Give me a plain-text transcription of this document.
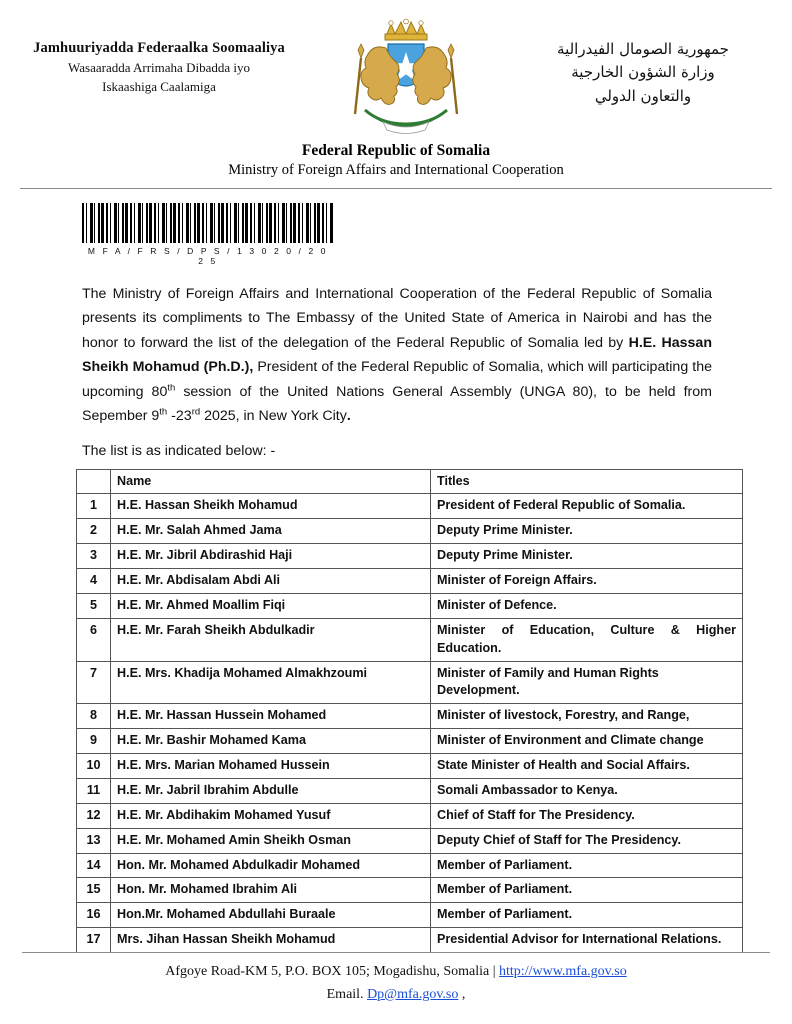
Jamhuuriyadda Federaalka Soomaaliya
Wasaaradda Arrimaha Dibadda iyo
Iskaashiga Caalamiga
جمهورية الصومال الفيدرالية
وزارة الشؤون الخارجية
والتعاون الدولي
Federal Republic of Somalia
Ministry of Foreign Affairs and International Cooperation
M F A / F R S / D P S / 1 3 0 2 0 / 2 0 2 5
The Ministry of Foreign Affairs and International Cooperation of the Federal Republic of Somalia presents its compliments to The Embassy of the United State of America in Nairobi and has the honor to forward the list of the delegation of the Federal Republic of Somalia led by H.E. Hassan Sheikh Mohamud (Ph.D.), President of the Federal Republic of Somalia, which will participating the upcoming 80th session of the United Nations General Assembly (UNGA 80), to be held from Sepember 9th -23rd 2025, in New York City.
The list is as indicated below: -
	Name	Titles
1	H.E. Hassan Sheikh Mohamud	President of Federal Republic of Somalia.
2	H.E. Mr. Salah Ahmed Jama	Deputy Prime Minister.
3	H.E. Mr. Jibril Abdirashid Haji	Deputy Prime Minister.
4	H.E. Mr. Abdisalam Abdi Ali	Minister of Foreign Affairs.
5	H.E. Mr. Ahmed Moallim Fiqi	Minister of Defence.
6	H.E. Mr. Farah Sheikh Abdulkadir	Minister of Education, Culture & Higher Education.
7	H.E. Mrs. Khadija Mohamed Almakhzoumi	Minister of Family and Human Rights Development.
8	H.E. Mr. Hassan Hussein Mohamed	Minister of livestock, Forestry, and Range,
9	H.E. Mr. Bashir Mohamed Kama	Minister of Environment and Climate change
10	H.E. Mrs. Marian Mohamed Hussein	State Minister of Health and Social Affairs.
11	H.E. Mr. Jabril Ibrahim Abdulle	Somali Ambassador to Kenya.
12	H.E. Mr. Abdihakim Mohamed Yusuf	Chief of Staff for The Presidency.
13	H.E. Mr. Mohamed Amin Sheikh Osman	Deputy Chief of Staff for The Presidency.
14	Hon. Mr. Mohamed Abdulkadir Mohamed	Member of Parliament.
15	Hon. Mr. Mohamed Ibrahim Ali	Member of Parliament.
16	Hon.Mr. Mohamed Abdullahi Buraale	Member of Parliament.
17	Mrs. Jihan Hassan Sheikh Mohamud	Presidential Advisor for International Relations.
Afgoye Road-KM 5, P.O. BOX 105; Mogadishu, Somalia | http://www.mfa.gov.so
Email. Dp@mfa.gov.so ,
